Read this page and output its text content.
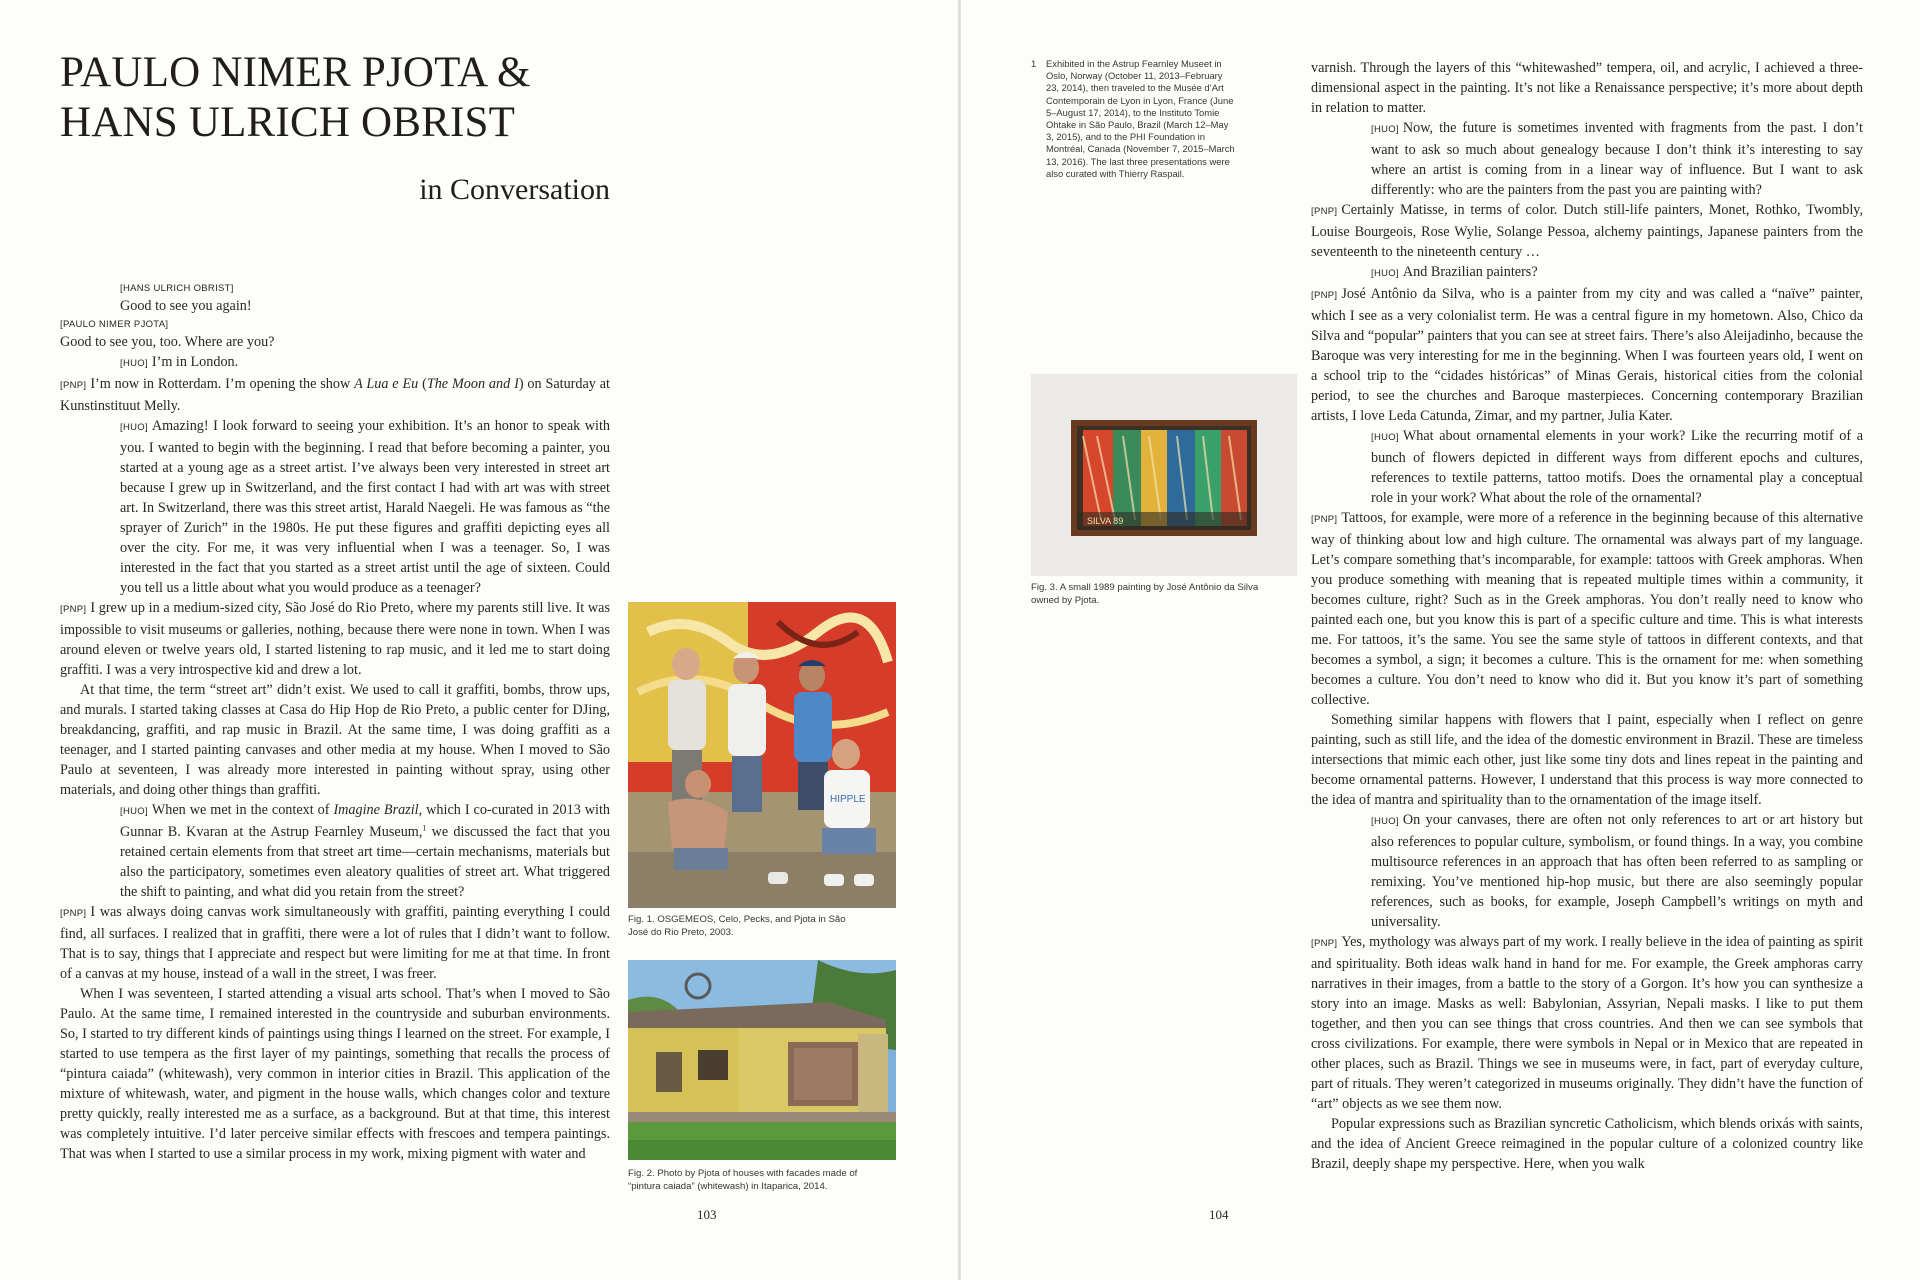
PAULO NIMER PJOTA &
HANS ULRICH OBRIST
in Conversation

[HANS ULRICH OBRIST]

Good to see you again!

[PAULO NIMER PJOTA]

Good to see you, too. Where are you?

[HUO] I’m in London.

[PNP] I’m now in Rotterdam. I’m opening the show A Lua e Eu (The Moon and I) on Saturday at Kunstinstituut Melly.

[HUO] Amazing! I look forward to seeing your exhibition. It’s an honor to speak with you. I wanted to begin with the beginning. I read that before becoming a painter, you started at a young age as a street artist. I’ve always been very interested in street art because I grew up in Switzerland, and the first contact I had with art was with street art. In Switzerland, there was this street artist, Harald Naegeli. He was famous as “the sprayer of Zurich” in the 1980s. He put these figures and graffiti depicting eyes all over the city. For me, it was very influential when I was a teenager. So, I was interested in the fact that you started as a street artist until the age of sixteen. Could you tell us a little about what you would produce as a teenager?

[PNP] I grew up in a medium-sized city, São José do Rio Preto, where my parents still live. It was impossible to visit museums or galleries, nothing, because there were none in town. When I was around eleven or twelve years old, I started listening to rap music, and it led me to start doing graffiti. I was a very introspective kid and drew a lot.

At that time, the term “street art” didn’t exist. We used to call it graffiti, bombs, throw ups, and murals. I started taking classes at Casa do Hip Hop de Rio Preto, a public center for DJing, breakdancing, graffiti, and rap music in Brazil. At the same time, I was doing graffiti as a teenager, and I started painting canvases and other media at my house. When I moved to São Paulo at seventeen, I was already more interested in painting without spray, using other materials, and doing other things than graffiti.

[HUO] When we met in the context of Imagine Brazil, which I co-curated in 2013 with Gunnar B. Kvaran at the Astrup Fearnley Museum,$^1$ we discussed the fact that you retained certain elements from that street art time—certain mechanisms, materials but also the participatory, sometimes even aleatory qualities of street art. What triggered the shift to painting, and what did you retain from the street?

[PNP] I was always doing canvas work simultaneously with graffiti, painting everything I could find, all surfaces. I realized that in graffiti, there were a lot of rules that I didn’t want to follow. That is to say, things that I appreciate and respect but were limiting for me at that time. In front of a canvas at my house, instead of a wall in the street, I was freer.

When I was seventeen, I started attending a visual arts school. That’s when I moved to São Paulo. At the same time, I remained interested in the countryside and suburban environments. So, I started to try different kinds of paintings using things I learned on the street. For example, I started to use tempera as the first layer of my paintings, something that recalls the process of “pintura caiada” (whitewash), very common in interior cities in Brazil. This application of the mixture of whitewash, water, and pigment in the house walls, which changes color and texture pretty quickly, really interested me as a surface, as a background. But at that time, this interest was completely intuitive. I’d later perceive similar effects with frescoes and tempera paintings. That was when I started to use a similar process in my work, mixing pigment with water and

HIPPLE

Fig. 1. OSGEMEOS, Celo, Pecks, and Pjota in São José do Rio Preto, 2003.

Fig. 2. Photo by Pjota of houses with facades made of “pintura caiada” (whitewash) in Itaparica, 2014.

103
1 Exhibited in the Astrup Fearnley Museet in Oslo, Norway (October 11, 2013–February 23, 2014), then traveled to the Musée d’Art Contemporain de Lyon in Lyon, France (June 5–August 17, 2014), to the Instituto Tomie Ohtake in São Paulo, Brazil (March 12–May 3, 2015), and to the PHI Foundation in Montréal, Canada (November 7, 2015–March 13, 2016). The last three presentations were also curated with Thierry Raspail.

SILVA 89

Fig. 3. A small 1989 painting by José Antônio da Silva owned by Pjota.

varnish. Through the layers of this “whitewashed” tempera, oil, and acrylic, I achieved a three-dimensional aspect in the painting. It’s not like a Renaissance perspective; it’s more about depth in relation to matter.

[HUO] Now, the future is sometimes invented with fragments from the past. I don’t want to ask so much about genealogy because I don’t think it’s interesting to say where an artist is coming from in a linear way of influence. But I want to ask differently: who are the painters from the past you are painting with?

[PNP] Certainly Matisse, in terms of color. Dutch still-life painters, Monet, Rothko, Twombly, Louise Bourgeois, Rose Wylie, Solange Pessoa, alchemy paintings, Japanese painters from the seventeenth to the nineteenth century …

[HUO] And Brazilian painters?

[PNP] José Antônio da Silva, who is a painter from my city and was called a “naïve” painter, which I see as a very colonialist term. He was a central figure in my hometown. Also, Chico da Silva and “popular” painters that you can see at street fairs. There’s also Aleijadinho, because the Baroque was very interesting for me in the beginning. When I was fourteen years old, I went on a school trip to the “cidades históricas” of Minas Gerais, historical cities from the colonial period, to see the churches and Baroque masterpieces. Concerning contemporary Brazilian artists, I love Leda Catunda, Zimar, and my partner, Julia Kater.

[HUO] What about ornamental elements in your work? Like the recurring motif of a bunch of flowers depicted in different ways from different epochs and cultures, references to textile patterns, tattoo motifs. Does the ornamental play a conceptual role in your work? What about the role of the ornamental?

[PNP] Tattoos, for example, were more of a reference in the beginning because of this alternative way of thinking about low and high culture. The ornamental was always part of my language. Let’s compare something that’s incomparable, for example: tattoos with Greek amphoras. When you produce something with meaning that is repeated multiple times within a community, it becomes culture, right? Such as in the Greek amphoras. You don’t really need to know who painted each one, but you know this is part of a specific culture and time. This is what interests me. For tattoos, it’s the same. You see the same style of tattoos in different contexts, and that becomes a symbol, a sign; it becomes a culture. This is the ornament for me: when something becomes a culture. You don’t need to know who did it. But you know it’s part of something collective.

Something similar happens with flowers that I paint, especially when I reflect on genre painting, such as still life, and the idea of the domestic environment in Brazil. These are timeless intersections that mimic each other, just like some tiny dots and lines repeat in the painting and become ornamental patterns. However, I understand that this process is way more connected to the idea of mantra and spirituality than to the ornamentation of the image itself.

[HUO] On your canvases, there are often not only references to art or art history but also references to popular culture, symbolism, or found things. In a way, you combine multisource references in an approach that has often been referred to as sampling or remixing. You’ve mentioned hip-hop music, but there are also seemingly popular references, such as books, for example, Joseph Campbell’s writings on myth and universality.

[PNP] Yes, mythology was always part of my work. I really believe in the idea of painting as spirit and spirituality. Both ideas walk hand in hand for me. For example, the Greek amphoras carry narratives in their images, from a battle to the story of a Gorgon. It’s how you can synthesize a story into an image. Masks as well: Babylonian, Assyrian, Nepali masks. I like to put them together, and then you can see things that cross countries. And then we can see symbols that cross civilizations. For example, there were symbols in Nepal or in Mexico that are repeated in other places, such as Brazil. Things we see in museums were, in fact, part of everyday culture, part of rituals. They weren’t categorized in museums originally. They didn’t have the function of “art” objects as we see them now.

Popular expressions such as Brazilian syncretic Catholicism, which blends orixás with saints, and the idea of Ancient Greece reimagined in the popular culture of a colonized country like Brazil, deeply shape my perspective. Here, when you walk

104
